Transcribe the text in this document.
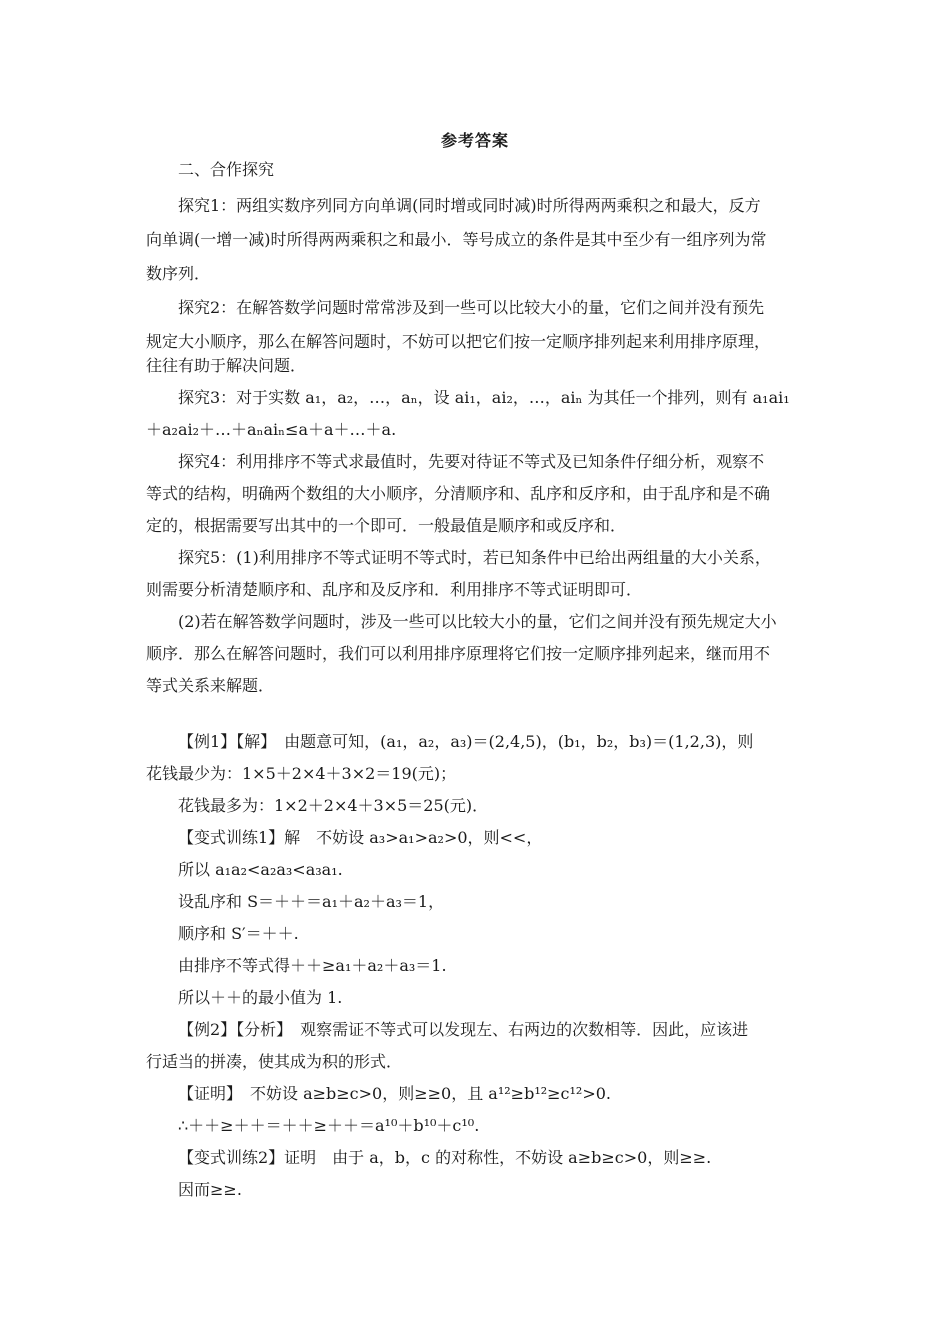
参考答案
二、合作探究
探究1：两组实数序列同方向单调(同时增或同时减)时所得两两乘积之和最大，反方
向单调(一增一减)时所得两两乘积之和最小．等号成立的条件是其中至少有一组序列为常
数序列．
探究2：在解答数学问题时常常涉及到一些可以比较大小的量，它们之间并没有预先
规定大小顺序，那么在解答问题时，不妨可以把它们按一定顺序排列起来利用排序原理，
往往有助于解决问题．
探究3：对于实数 a₁，a₂，…，aₙ，设 ai₁，ai₂，…，aiₙ 为其任一个排列，则有 a₁ai₁
＋a₂ai₂＋…＋aₙaiₙ≤a＋a＋…＋a.
探究4：利用排序不等式求最值时，先要对待证不等式及已知条件仔细分析，观察不
等式的结构，明确两个数组的大小顺序，分清顺序和、乱序和反序和，由于乱序和是不确
定的，根据需要写出其中的一个即可．一般最值是顺序和或反序和．
探究5：(1)利用排序不等式证明不等式时，若已知条件中已给出两组量的大小关系，
则需要分析清楚顺序和、乱序和及反序和．利用排序不等式证明即可．
(2)若在解答数学问题时，涉及一些可以比较大小的量，它们之间并没有预先规定大小
顺序．那么在解答问题时，我们可以利用排序原理将它们按一定顺序排列起来，继而用不
等式关系来解题．
【例1】【解】　由题意可知，(a₁，a₂，a₃)＝(2,4,5)，(b₁，b₂，b₃)＝(1,2,3)，则
花钱最少为：1×5＋2×4＋3×2＝19(元)；
花钱最多为：1×2＋2×4＋3×5＝25(元)．
【变式训练1】解　不妨设 a₃>a₁>a₂>0，则<<，
所以 a₁a₂<a₂a₃<a₃a₁.
设乱序和 S＝＋＋＝a₁＋a₂＋a₃＝1，
顺序和 S′＝＋＋.
由排序不等式得＋＋≥a₁＋a₂＋a₃＝1.
所以＋＋的最小值为 1.
【例2】【分析】　观察需证不等式可以发现左、右两边的次数相等．因此，应该进
行适当的拼凑，使其成为积的形式．
【证明】　不妨设 a≥b≥c>0，则≥≥0，且 a¹²≥b¹²≥c¹²>0.
∴＋＋≥＋＋＝＋＋≥＋＋＝a¹⁰＋b¹⁰＋c¹⁰.
【变式训练2】证明　由于 a，b，c 的对称性，不妨设 a≥b≥c>0，则≥≥.
因而≥≥.
